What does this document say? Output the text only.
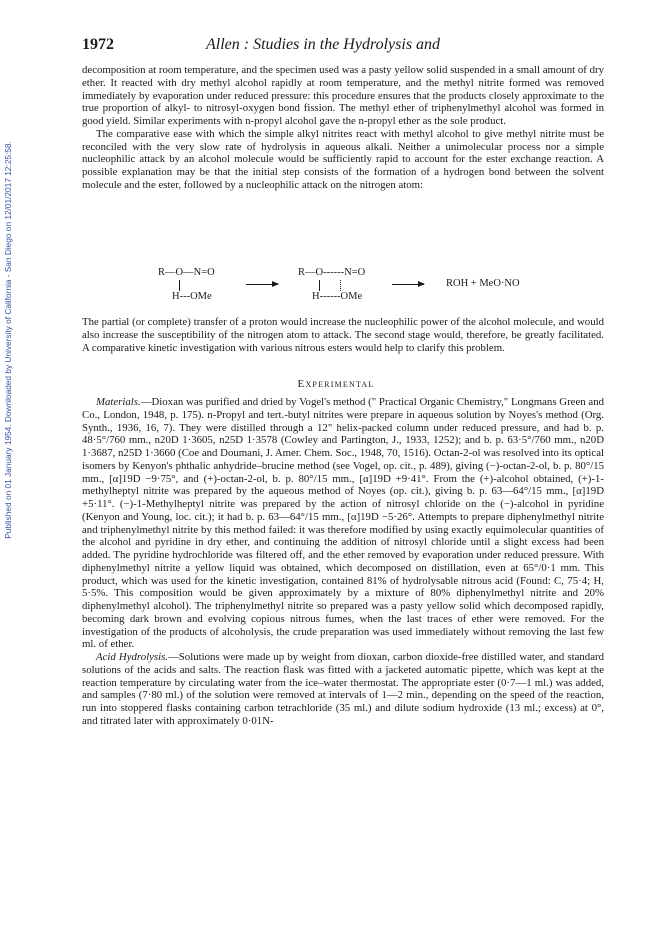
Published on 01 January 1954. Downloaded by University of California - San Diego on 12/01/2017 12:25:58.
1972	Allen : Studies in the Hydrolysis and

decomposition at room temperature, and the specimen used was a pasty yellow solid suspended in a small amount of dry ether. It reacted with dry methyl alcohol rapidly at room temperature, and the methyl nitrite formed was removed immediately by evaporation under reduced pressure: this procedure ensures that the products closely approximate to the true proportion of alkyl- to nitrosyl-oxygen bond fission. The methyl ether of triphenylmethyl alcohol was formed in good yield. Similar experiments with n-propyl alcohol gave the n-propyl ether as the sole product.

The comparative ease with which the simple alkyl nitrites react with methyl alcohol to give methyl nitrite must be reconciled with the very slow rate of hydrolysis in aqueous alkali. Neither a unimolecular process nor a simple nucleophilic attack by an alcohol molecule would be sufficiently rapid to account for the ester exchange reaction. A possible explanation may be that the initial step consists of the formation of a hydrogen bond between the solvent molecule and the ester, followed by a nucleophilic attack on the nitrogen atom:

R—O—N=O
H---OMe
R—O------N=O
H------OMe
ROH + MeO·NO

The partial (or complete) transfer of a proton would increase the nucleophilic power of the alcohol molecule, and would also increase the susceptibility of the nitrogen atom to attack. The second stage would, therefore, be greatly facilitated. A comparative kinetic investigation with various nitrous esters would help to clarify this problem.

Experimental

Materials.—Dioxan was purified and dried by Vogel's method (" Practical Organic Chemistry," Longmans Green and Co., London, 1948, p. 175). n-Propyl and tert.-butyl nitrites were prepare in aqueous solution by Noyes's method (Org. Synth., 1936, 16, 7). They were distilled through a 12" helix-packed column under reduced pressure, and had b. p. 48·5°/760 mm., n20D 1·3605, n25D 1·3578 (Cowley and Partington, J., 1933, 1252); and b. p. 63·5°/760 mm., n20D 1·3687, n25D 1·3660 (Coe and Doumani, J. Amer. Chem. Soc., 1948, 70, 1516). Octan-2-ol was resolved into its optical isomers by Kenyon's phthalic anhydride–brucine method (see Vogel, op. cit., p. 489), giving (−)-octan-2-ol, b. p. 80°/15 mm., [α]19D −9·75°, and (+)-octan-2-ol, b. p. 80°/15 mm., [α]19D +9·41°. From the (+)-alcohol obtained, (+)-1-methylheptyl nitrite was prepared by the aqueous method of Noyes (op. cit.), giving b. p. 63—64°/15 mm., [α]19D +5·11°. (−)-1-Methylheptyl nitrite was prepared by the action of nitrosyl chloride on the (−)-alcohol in pyridine (Kenyon and Young, loc. cit.); it had b. p. 63—64°/15 mm., [α]19D −5·26°. Attempts to prepare diphenylmethyl nitrite and triphenylmethyl nitrite by this method failed: it was therefore modified by using exactly equimolecular quantities of the alcohol and pyridine in dry ether, and continuing the addition of nitrosyl chloride until a slight excess had been added. The pyridine hydrochloride was filtered off, and the ether removed by evaporation under reduced pressure. With diphenylmethyl nitrite a yellow liquid was obtained, which decomposed on distillation, even at 65°/0·1 mm. This product, which was used for the kinetic investigation, contained 81% of hydrolysable nitrous acid (Found: C, 75·4; H, 5·5%. This composition would be given approximately by a mixture of 80% diphenylmethyl nitrite and 20% diphenylmethyl alcohol). The triphenylmethyl nitrite so prepared was a pasty yellow solid which decomposed rapidly, becoming dark brown and evolving copious nitrous fumes, when the last traces of ether were removed. For the investigation of the products of alcoholysis, the crude preparation was used immediately without removing the last few ml. of ether.

Acid Hydrolysis.—Solutions were made up by weight from dioxan, carbon dioxide-free distilled water, and standard solutions of the acids and salts. The reaction flask was fitted with a jacketed automatic pipette, which was kept at the reaction temperature by circulating water from the ice–water thermostat. The appropriate ester (0·7—1 ml.) was added, and samples (7·80 ml.) of the solution were removed at intervals of 1—2 min., depending on the speed of the reaction, run into stoppered flasks containing carbon tetrachloride (35 ml.) and dilute sodium hydroxide (13 ml.; excess) at 0°, and titrated later with approximately 0·01N-
